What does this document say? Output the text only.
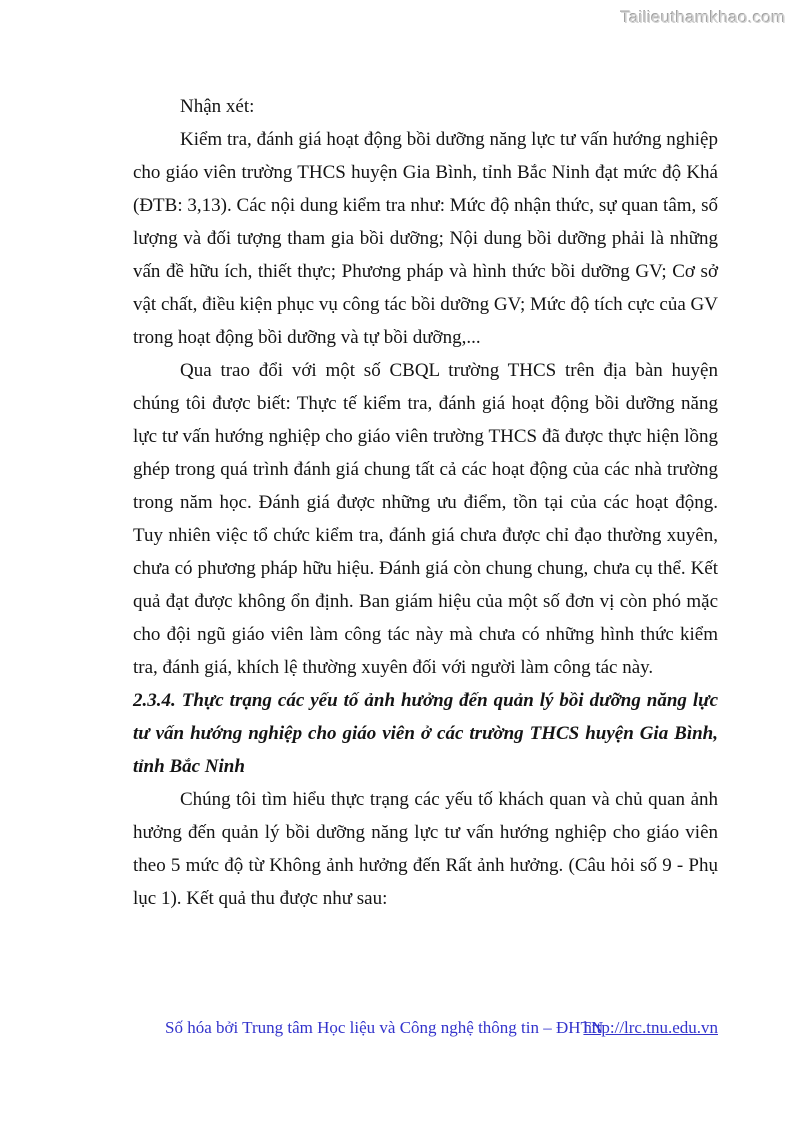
Tailieuthamkhao.com

Nhận xét:

Kiểm tra, đánh giá hoạt động bồi dưỡng năng lực tư vấn hướng nghiệp cho giáo viên trường THCS huyện Gia Bình, tỉnh Bắc Ninh đạt mức độ Khá (ĐTB: 3,13). Các nội dung kiểm tra như: Mức độ nhận thức, sự quan tâm, số lượng và đối tượng tham gia bồi dưỡng; Nội dung bồi dưỡng phải là những vấn đề hữu ích, thiết thực; Phương pháp và hình thức bồi dưỡng GV; Cơ sở vật chất, điều kiện phục vụ công tác bồi dưỡng GV; Mức độ tích cực của GV trong hoạt động bồi dưỡng và tự bồi dưỡng,...

Qua trao đổi với một số CBQL trường THCS trên địa bàn huyện chúng tôi được biết: Thực tế kiểm tra, đánh giá hoạt động bồi dưỡng năng lực tư vấn hướng nghiệp cho giáo viên trường THCS đã được thực hiện lồng ghép trong quá trình đánh giá chung tất cả các hoạt động của các nhà trường trong năm học. Đánh giá được những ưu điểm, tồn tại của các hoạt động. Tuy nhiên việc tổ chức kiểm tra, đánh giá chưa được chỉ đạo thường xuyên, chưa có phương pháp hữu hiệu. Đánh giá còn chung chung, chưa cụ thể. Kết quả đạt được không ổn định. Ban giám hiệu của một số đơn vị còn phó mặc cho đội ngũ giáo viên làm công tác này mà chưa có những hình thức kiểm tra, đánh giá, khích lệ thường xuyên đối với người làm công tác này.

2.3.4. Thực trạng các yếu tố ảnh hưởng đến quản lý bồi dưỡng năng lực tư vấn hướng nghiệp cho giáo viên ở các trường THCS huyện Gia Bình, tỉnh Bắc Ninh

Chúng tôi tìm hiểu thực trạng các yếu tố khách quan và chủ quan ảnh hưởng đến quản lý bồi dưỡng năng lực tư vấn hướng nghiệp cho giáo viên theo 5 mức độ từ Không ảnh hưởng đến Rất ảnh hưởng. (Câu hỏi số 9 - Phụ lục 1). Kết quả thu được như sau:

Số hóa bởi Trung tâm Học liệu và Công nghệ thông tin – ĐHTN
http://lrc.tnu.edu.vn
